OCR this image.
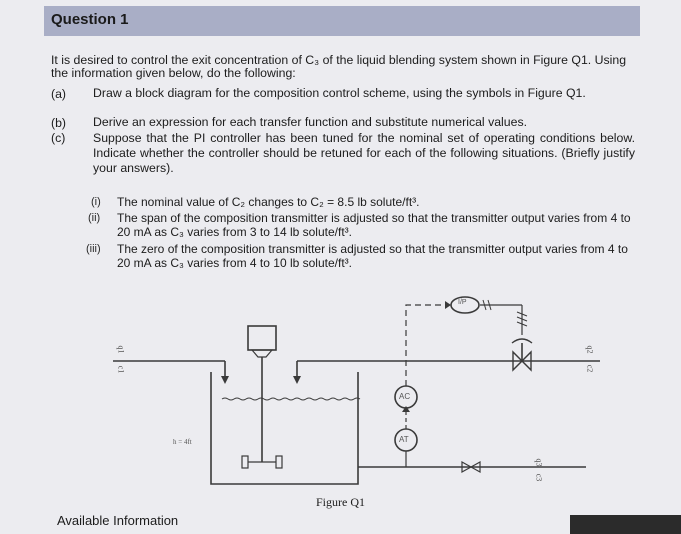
Question 1
It is desired to control the exit concentration of C₃ of the liquid blending system shown in Figure Q1. Using the information given below, do the following:
(a) Draw a block diagram for the composition control scheme, using the symbols in Figure Q1.
(b) Derive an expression for each transfer function and substitute numerical values.
(c) Suppose that the PI controller has been tuned for the nominal set of operating conditions below. Indicate whether the controller should be retuned for each of the following situations. (Briefly justify your answers).
(i) The nominal value of C₂ changes to C₂ = 8.5 lb solute/ft³.
(ii) The span of the composition transmitter is adjusted so that the transmitter output varies from 4 to 20 mA as C₃ varies from 3 to 14 lb solute/ft³.
(iii) The zero of the composition transmitter is adjusted so that the transmitter output varies from 4 to 20 mA as C₃ varies from 4 to 10 lb solute/ft³.
I/P
AC
AT
h = 4ft
q1
c1
q2
c2
q3
c3
Figure Q1
Available Information
